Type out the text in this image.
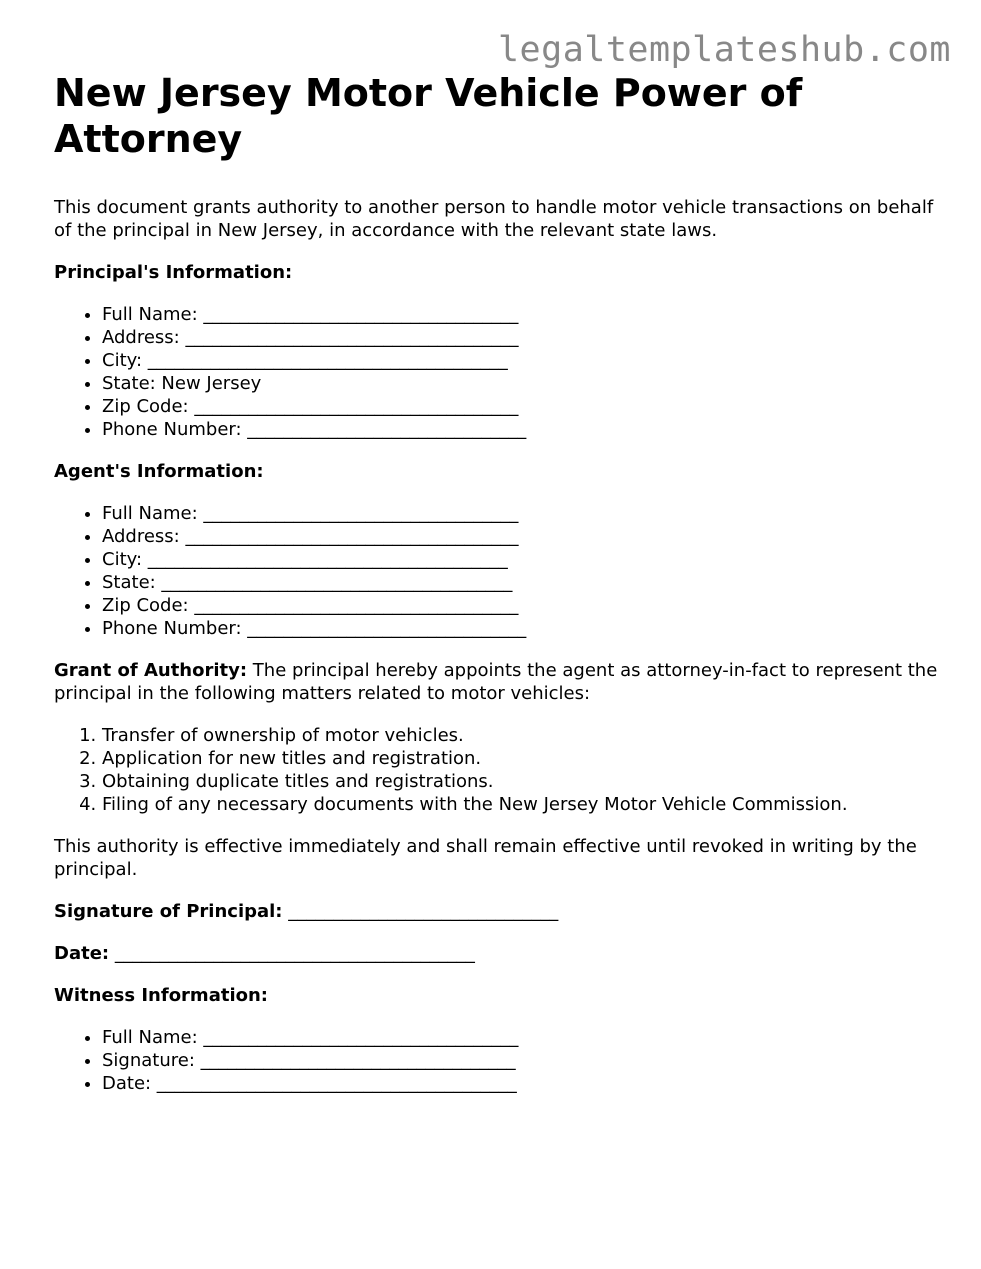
legaltemplateshub.com
New Jersey Motor Vehicle Power of Attorney

This document grants authority to another person to handle motor vehicle transactions on behalf of the principal in New Jersey, in accordance with the relevant state laws.

Principal's Information:

• Full Name: ___________________________________
• Address: _____________________________________
• City: ________________________________________
• State: New Jersey
• Zip Code: ____________________________________
• Phone Number: _______________________________

Agent's Information:

• Full Name: ___________________________________
• Address: _____________________________________
• City: ________________________________________
• State: _______________________________________
• Zip Code: ____________________________________
• Phone Number: _______________________________

Grant of Authority: The principal hereby appoints the agent as attorney-in-fact to represent the principal in the following matters related to motor vehicles:

1. Transfer of ownership of motor vehicles.
2. Application for new titles and registration.
3. Obtaining duplicate titles and registrations.
4. Filing of any necessary documents with the New Jersey Motor Vehicle Commission.

This authority is effective immediately and shall remain effective until revoked in writing by the principal.

Signature of Principal: ______________________________

Date: ________________________________________

Witness Information:

• Full Name: ___________________________________
• Signature: ___________________________________
• Date: ________________________________________
